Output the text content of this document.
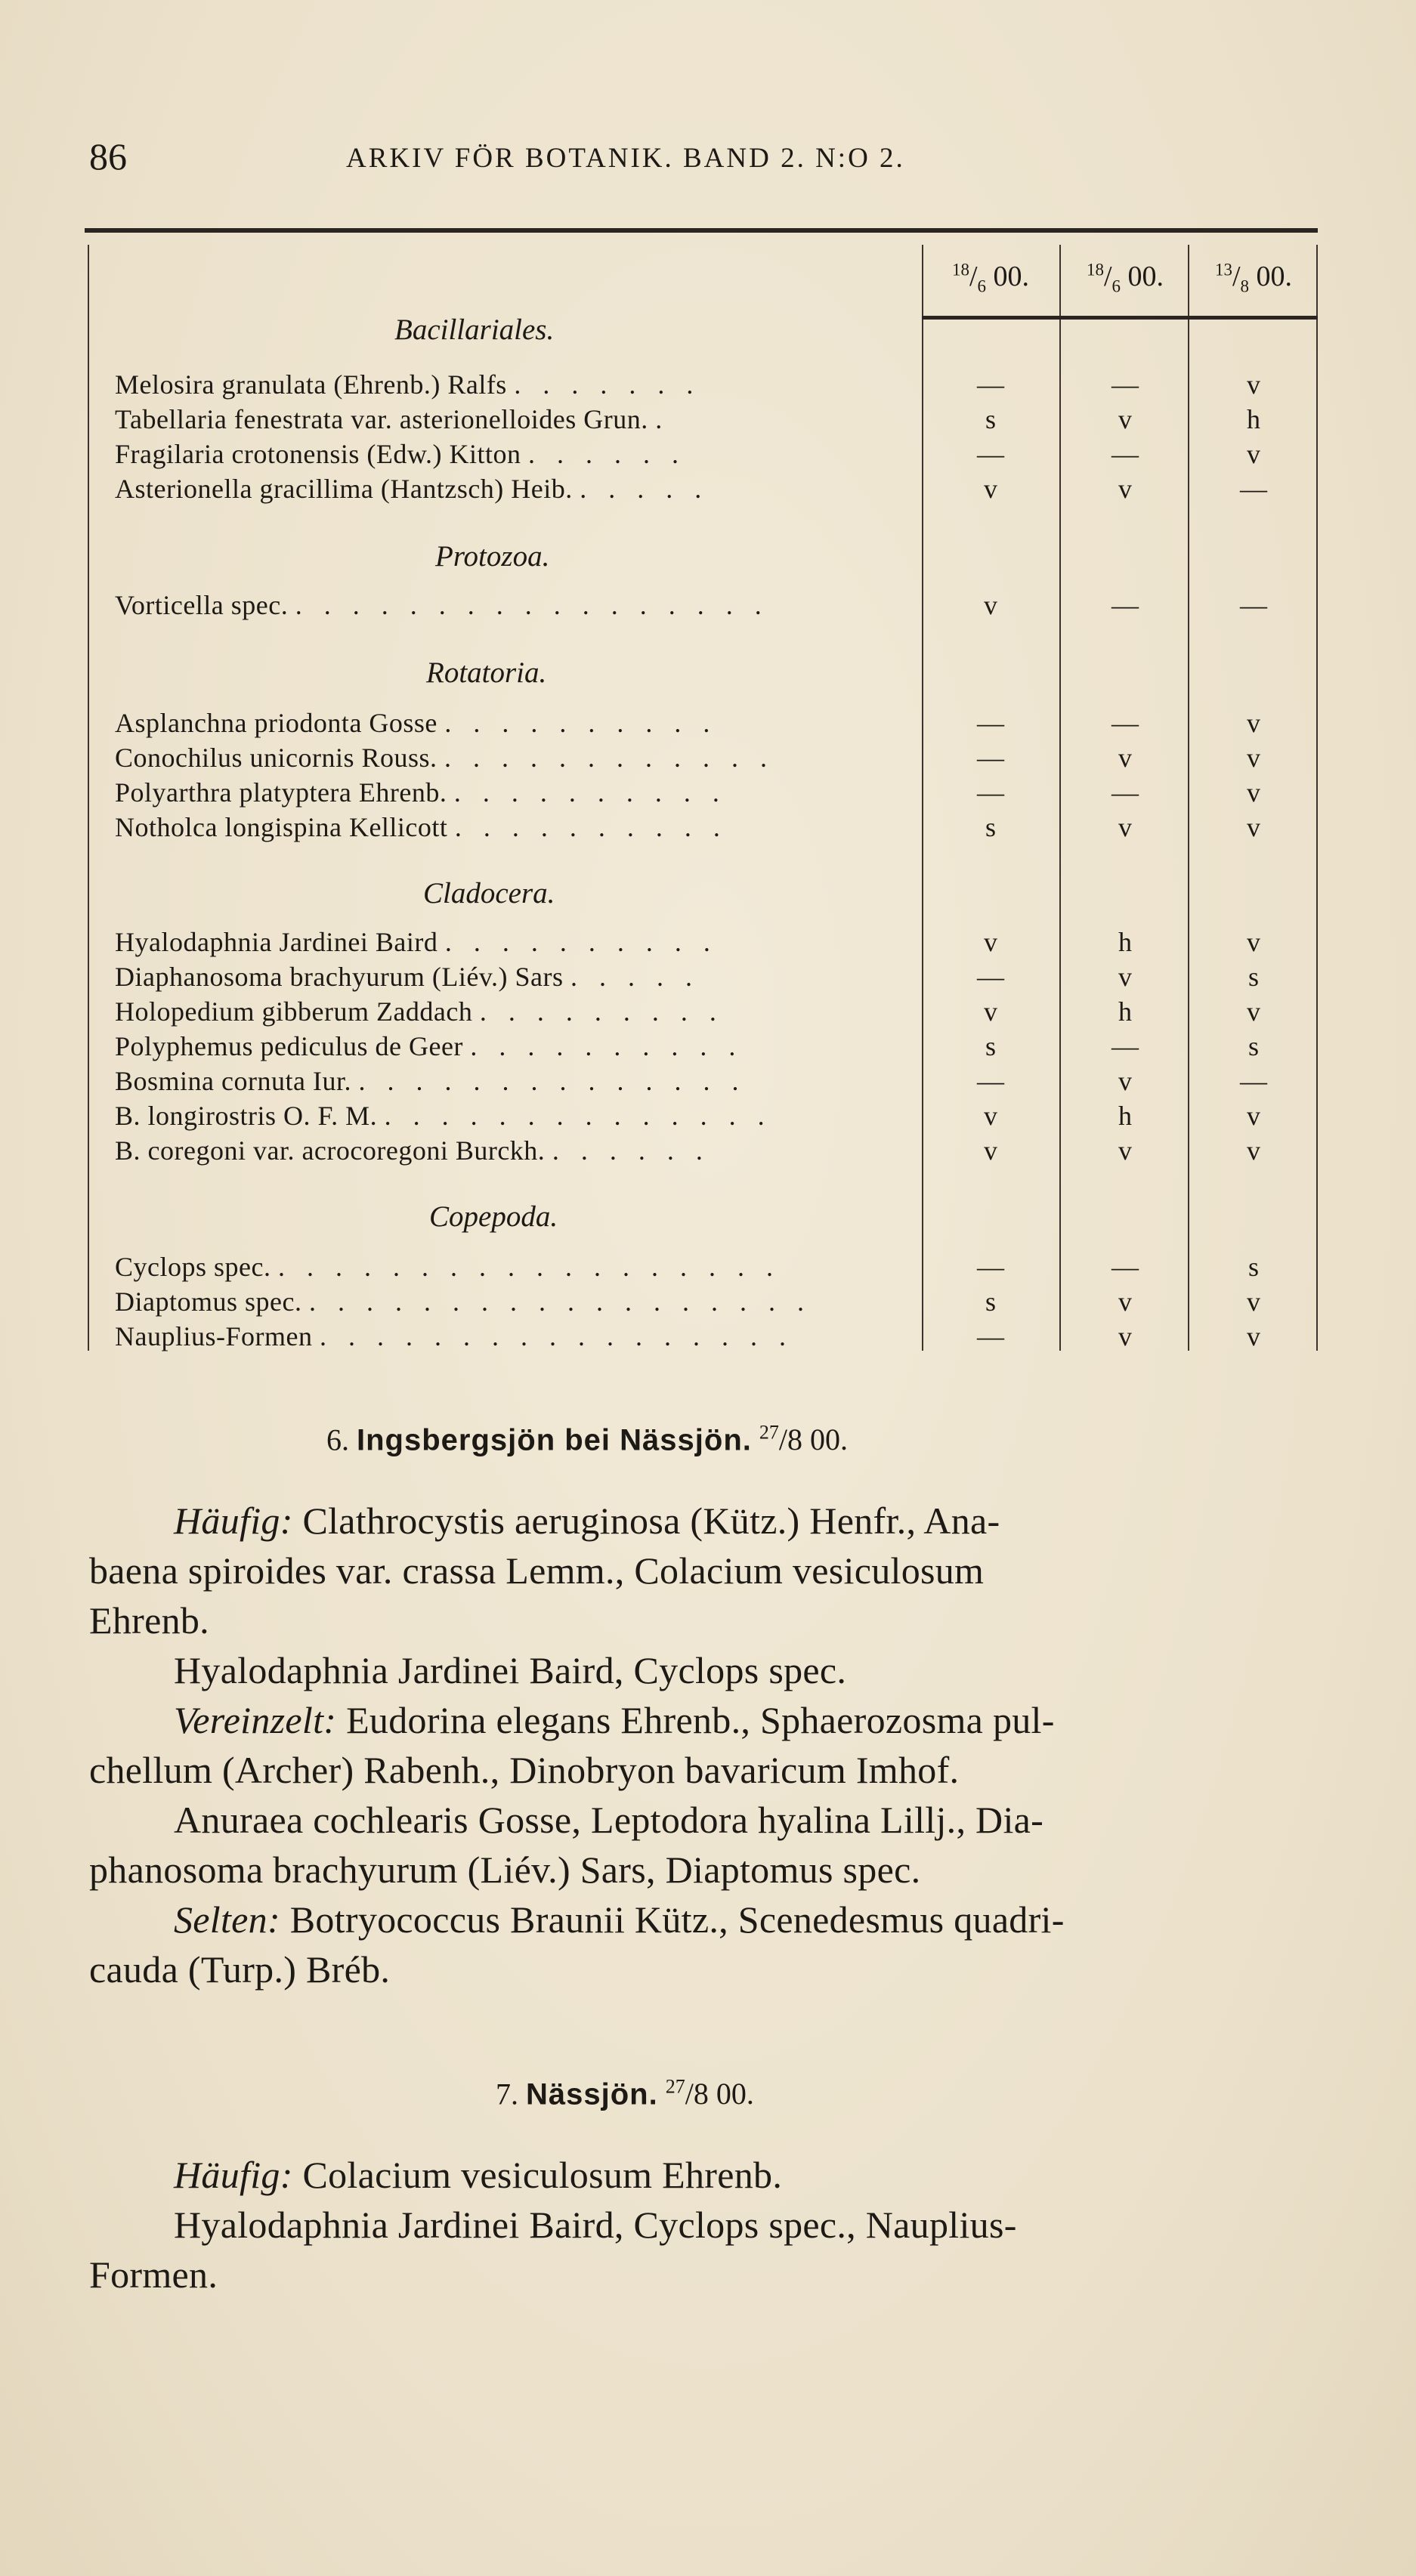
86	ARKIV FÖR BOTANIK. BAND 2. N:O 2.
$^{18}/_6$ 00.	$^{18}/_6$ 00.	$^{13}/_8$ 00.
Bacillariales.
Melosira granulata (Ehrenb.) Ralfs . . . . . . .	—	—	v
Tabellaria fenestrata var. asterionelloides Grun. .	s	v	h
Fragilaria crotonensis (Edw.) Kitton . . . . . .	—	—	v
Asterionella gracillima (Hantzsch) Heib. . . . . .	v	v	—
Protozoa.
Vorticella spec. . . . . . . . . . . . . . . . . .	v	—	—
Rotatoria.
Asplanchna priodonta Gosse . . . . . . . . . .	—	—	v
Conochilus unicornis Rouss. . . . . . . . . . . . .	—	v	v
Polyarthra platyptera Ehrenb. . . . . . . . . . .	—	—	v
Notholca longispina Kellicott . . . . . . . . . .	s	v	v
Cladocera.
Hyalodaphnia Jardinei Baird . . . . . . . . . .	v	h	v
Diaphanosoma brachyurum (Liév.) Sars . . . . .	—	v	s
Holopedium gibberum Zaddach . . . . . . . . .	v	h	v
Polyphemus pediculus de Geer . . . . . . . . . .	s	—	s
Bosmina cornuta Iur. . . . . . . . . . . . . . .	—	v	—
B. longirostris O. F. M. . . . . . . . . . . . . . .	v	h	v
B. coregoni var. acrocoregoni Burckh. . . . . . .	v	v	v
Copepoda.
Cyclops spec. . . . . . . . . . . . . . . . . . .	—	—	s
Diaptomus spec. . . . . . . . . . . . . . . . . . .	s	v	v
Nauplius-Formen . . . . . . . . . . . . . . . . .	—	v	v
6. Ingsbergsjön bei Nässjön. $^{27}$/8 00.
Häufig: Clathrocystis aeruginosa (Kütz.) Henfr., Ana-
baena spiroides var. crassa Lemm., Colacium vesiculosum
Ehrenb.
Hyalodaphnia Jardinei Baird, Cyclops spec.
Vereinzelt: Eudorina elegans Ehrenb., Sphaerozosma pul-
chellum (Archer) Rabenh., Dinobryon bavaricum Imhof.
Anuraea cochlearis Gosse, Leptodora hyalina Lillj., Dia-
phanosoma brachyurum (Liév.) Sars, Diaptomus spec.
Selten: Botryococcus Braunii Kütz., Scenedesmus quadri-
cauda (Turp.) Bréb.
7. Nässjön. $^{27}$/8 00.
Häufig: Colacium vesiculosum Ehrenb.
Hyalodaphnia Jardinei Baird, Cyclops spec., Nauplius-
Formen.
